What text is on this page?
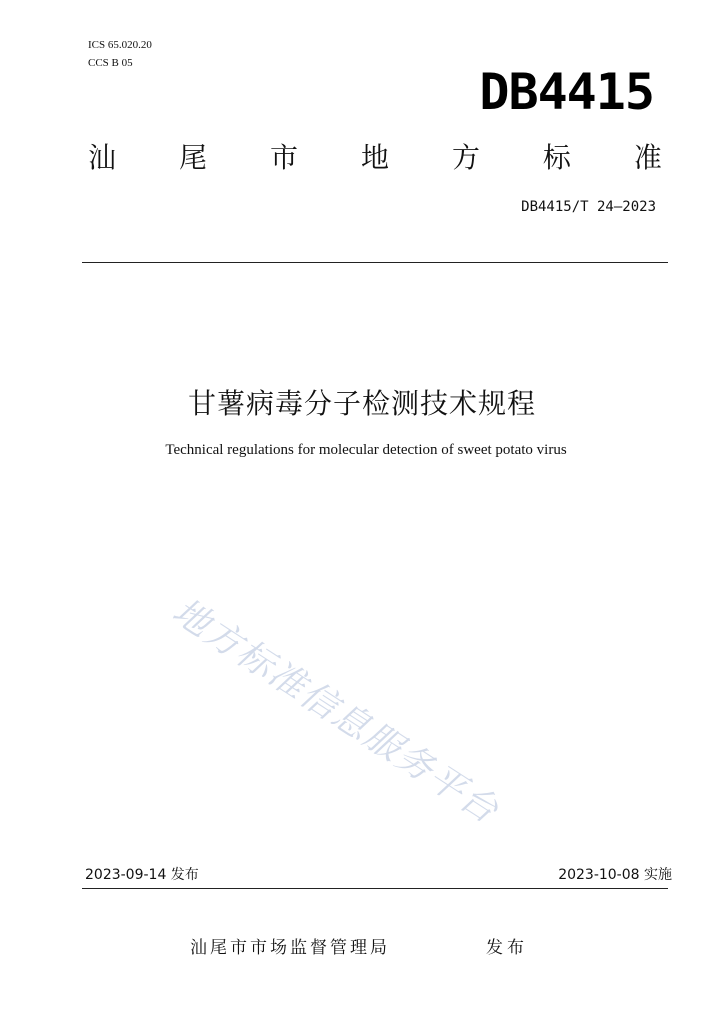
ICS 65.020.20
CCS B 05	DB4415
汕 尾 市 地 方 标 准
DB4415/T 24—2023
甘薯病毒分子检测技术规程
Technical regulations for molecular detection of sweet potato virus
地方标准信息服务平台
2023-09-14 发布	2023-10-08 实施
汕尾市市场监督管理局	发布
